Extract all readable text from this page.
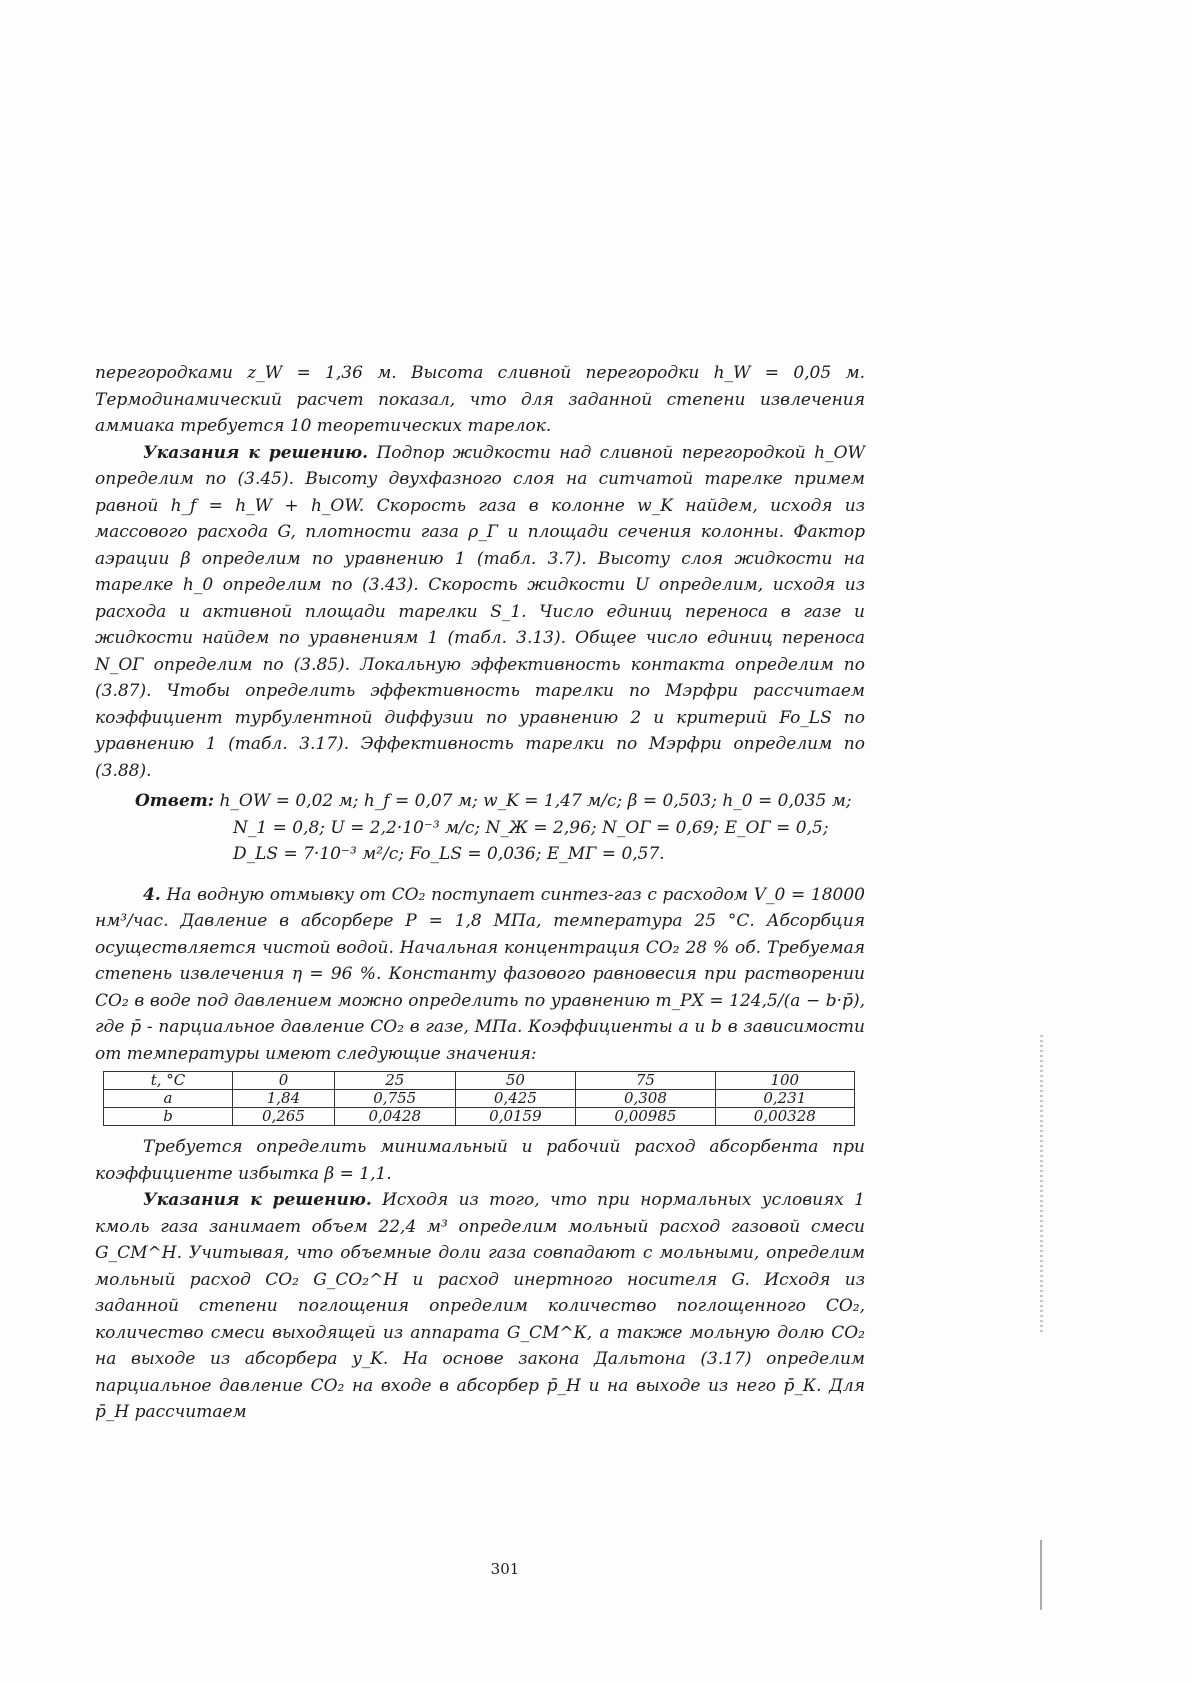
перегородками z_W = 1,36 м. Высота сливной перегородки h_W = 0,05 м. Термодинамический расчет показал, что для заданной степени извлечения аммиака требуется 10 теоретических тарелок.

Указания к решению. Подпор жидкости над сливной перегородкой h_OW определим по (3.45). Высоту двухфазного слоя на ситчатой тарелке примем равной h_f = h_W + h_OW. Скорость газа в колонне w_K найдем, исходя из массового расхода G, плотности газа ρ_Г и площади сечения колонны. Фактор аэрации β определим по уравнению 1 (табл. 3.7). Высоту слоя жидкости на тарелке h_0 определим по (3.43). Скорость жидкости U определим, исходя из расхода и активной площади тарелки S_1. Число единиц переноса в газе и жидкости найдем по уравнениям 1 (табл. 3.13). Общее число единиц переноса N_ОГ определим по (3.85). Локальную эффективность контакта определим по (3.87). Чтобы определить эффективность тарелки по Мэрфри рассчитаем коэффициент турбулентной диффузии по уравнению 2 и критерий Fo_LS по уравнению 1 (табл. 3.17). Эффективность тарелки по Мэрфри определим по (3.88).

Ответ: h_OW = 0,02 м; h_f = 0,07 м; w_K = 1,47 м/с; β = 0,503; h_0 = 0,035 м;

N_1 = 0,8; U = 2,2·10⁻³ м/с; N_Ж = 2,96; N_ОГ = 0,69; E_ОГ = 0,5;

D_LS = 7·10⁻³ м²/с; Fo_LS = 0,036; E_МГ = 0,57.

4. На водную отмывку от CO₂ поступает синтез-газ с расходом V_0 = 18000 нм³/час. Давление в абсорбере P = 1,8 МПа, температура 25 °С. Абсорбция осуществляется чистой водой. Начальная концентрация CO₂ 28 % об. Требуемая степень извлечения η = 96 %. Константу фазового равновесия при растворении CO₂ в воде под давлением можно определить по уравнению m_РХ = 124,5/(a − b·p̄), где p̄ - парциальное давление CO₂ в газе, МПа. Коэффициенты a и b в зависимости от температуры имеют следующие значения:

t, °С	0	25	50	75	100
a	1,84	0,755	0,425	0,308	0,231
b	0,265	0,0428	0,0159	0,00985	0,00328

Требуется определить минимальный и рабочий расход абсорбента при коэффициенте избытка β = 1,1.

Указания к решению. Исходя из того, что при нормальных условиях 1 кмоль газа занимает объем 22,4 м³ определим мольный расход газовой смеси G_СМ^Н. Учитывая, что объемные доли газа совпадают с мольными, определим мольный расход CO₂ G_CO₂^Н и расход инертного носителя G. Исходя из заданной степени поглощения определим количество поглощенного CO₂, количество смеси выходящей из аппарата G_СМ^К, а также мольную долю CO₂ на выходе из абсорбера y_K. На основе закона Дальтона (3.17) определим парциальное давление CO₂ на входе в абсорбер p̄_Н и на выходе из него p̄_К. Для p̄_Н рассчитаем

301
